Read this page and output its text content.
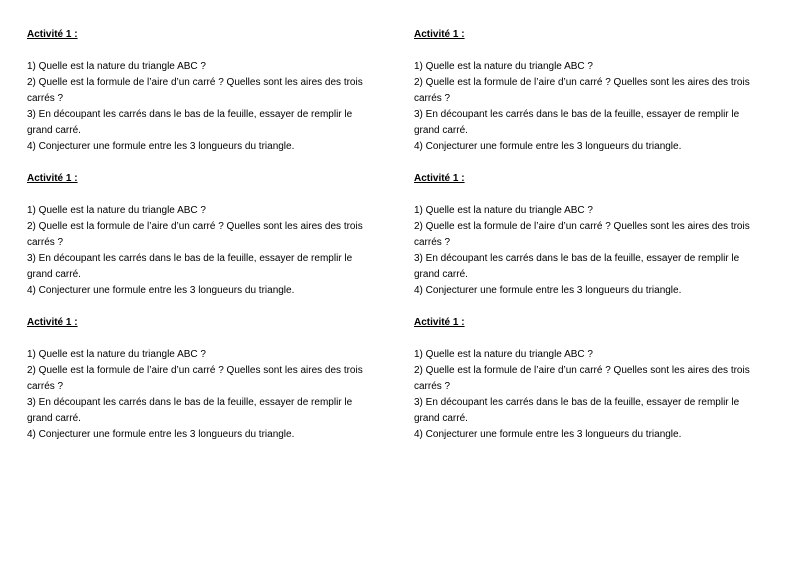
Activité 1 :

1) Quelle est la nature du triangle ABC ?

2) Quelle est la formule de l’aire d’un carré ? Quelles sont les aires des trois

carrés ?

3) En découpant les carrés dans le bas de la feuille, essayer de remplir le

grand carré.

4) Conjecturer une formule entre les 3 longueurs du triangle.

Activité 1 :

1) Quelle est la nature du triangle ABC ?

2) Quelle est la formule de l’aire d’un carré ? Quelles sont les aires des trois

carrés ?

3) En découpant les carrés dans le bas de la feuille, essayer de remplir le

grand carré.

4) Conjecturer une formule entre les 3 longueurs du triangle.

Activité 1 :

1) Quelle est la nature du triangle ABC ?

2) Quelle est la formule de l’aire d’un carré ? Quelles sont les aires des trois

carrés ?

3) En découpant les carrés dans le bas de la feuille, essayer de remplir le

grand carré.

4) Conjecturer une formule entre les 3 longueurs du triangle.

Activité 1 :

1) Quelle est la nature du triangle ABC ?

2) Quelle est la formule de l’aire d’un carré ? Quelles sont les aires des trois

carrés ?

3) En découpant les carrés dans le bas de la feuille, essayer de remplir le

grand carré.

4) Conjecturer une formule entre les 3 longueurs du triangle.

Activité 1 :

1) Quelle est la nature du triangle ABC ?

2) Quelle est la formule de l’aire d’un carré ? Quelles sont les aires des trois

carrés ?

3) En découpant les carrés dans le bas de la feuille, essayer de remplir le

grand carré.

4) Conjecturer une formule entre les 3 longueurs du triangle.

Activité 1 :

1) Quelle est la nature du triangle ABC ?

2) Quelle est la formule de l’aire d’un carré ? Quelles sont les aires des trois

carrés ?

3) En découpant les carrés dans le bas de la feuille, essayer de remplir le

grand carré.

4) Conjecturer une formule entre les 3 longueurs du triangle.
